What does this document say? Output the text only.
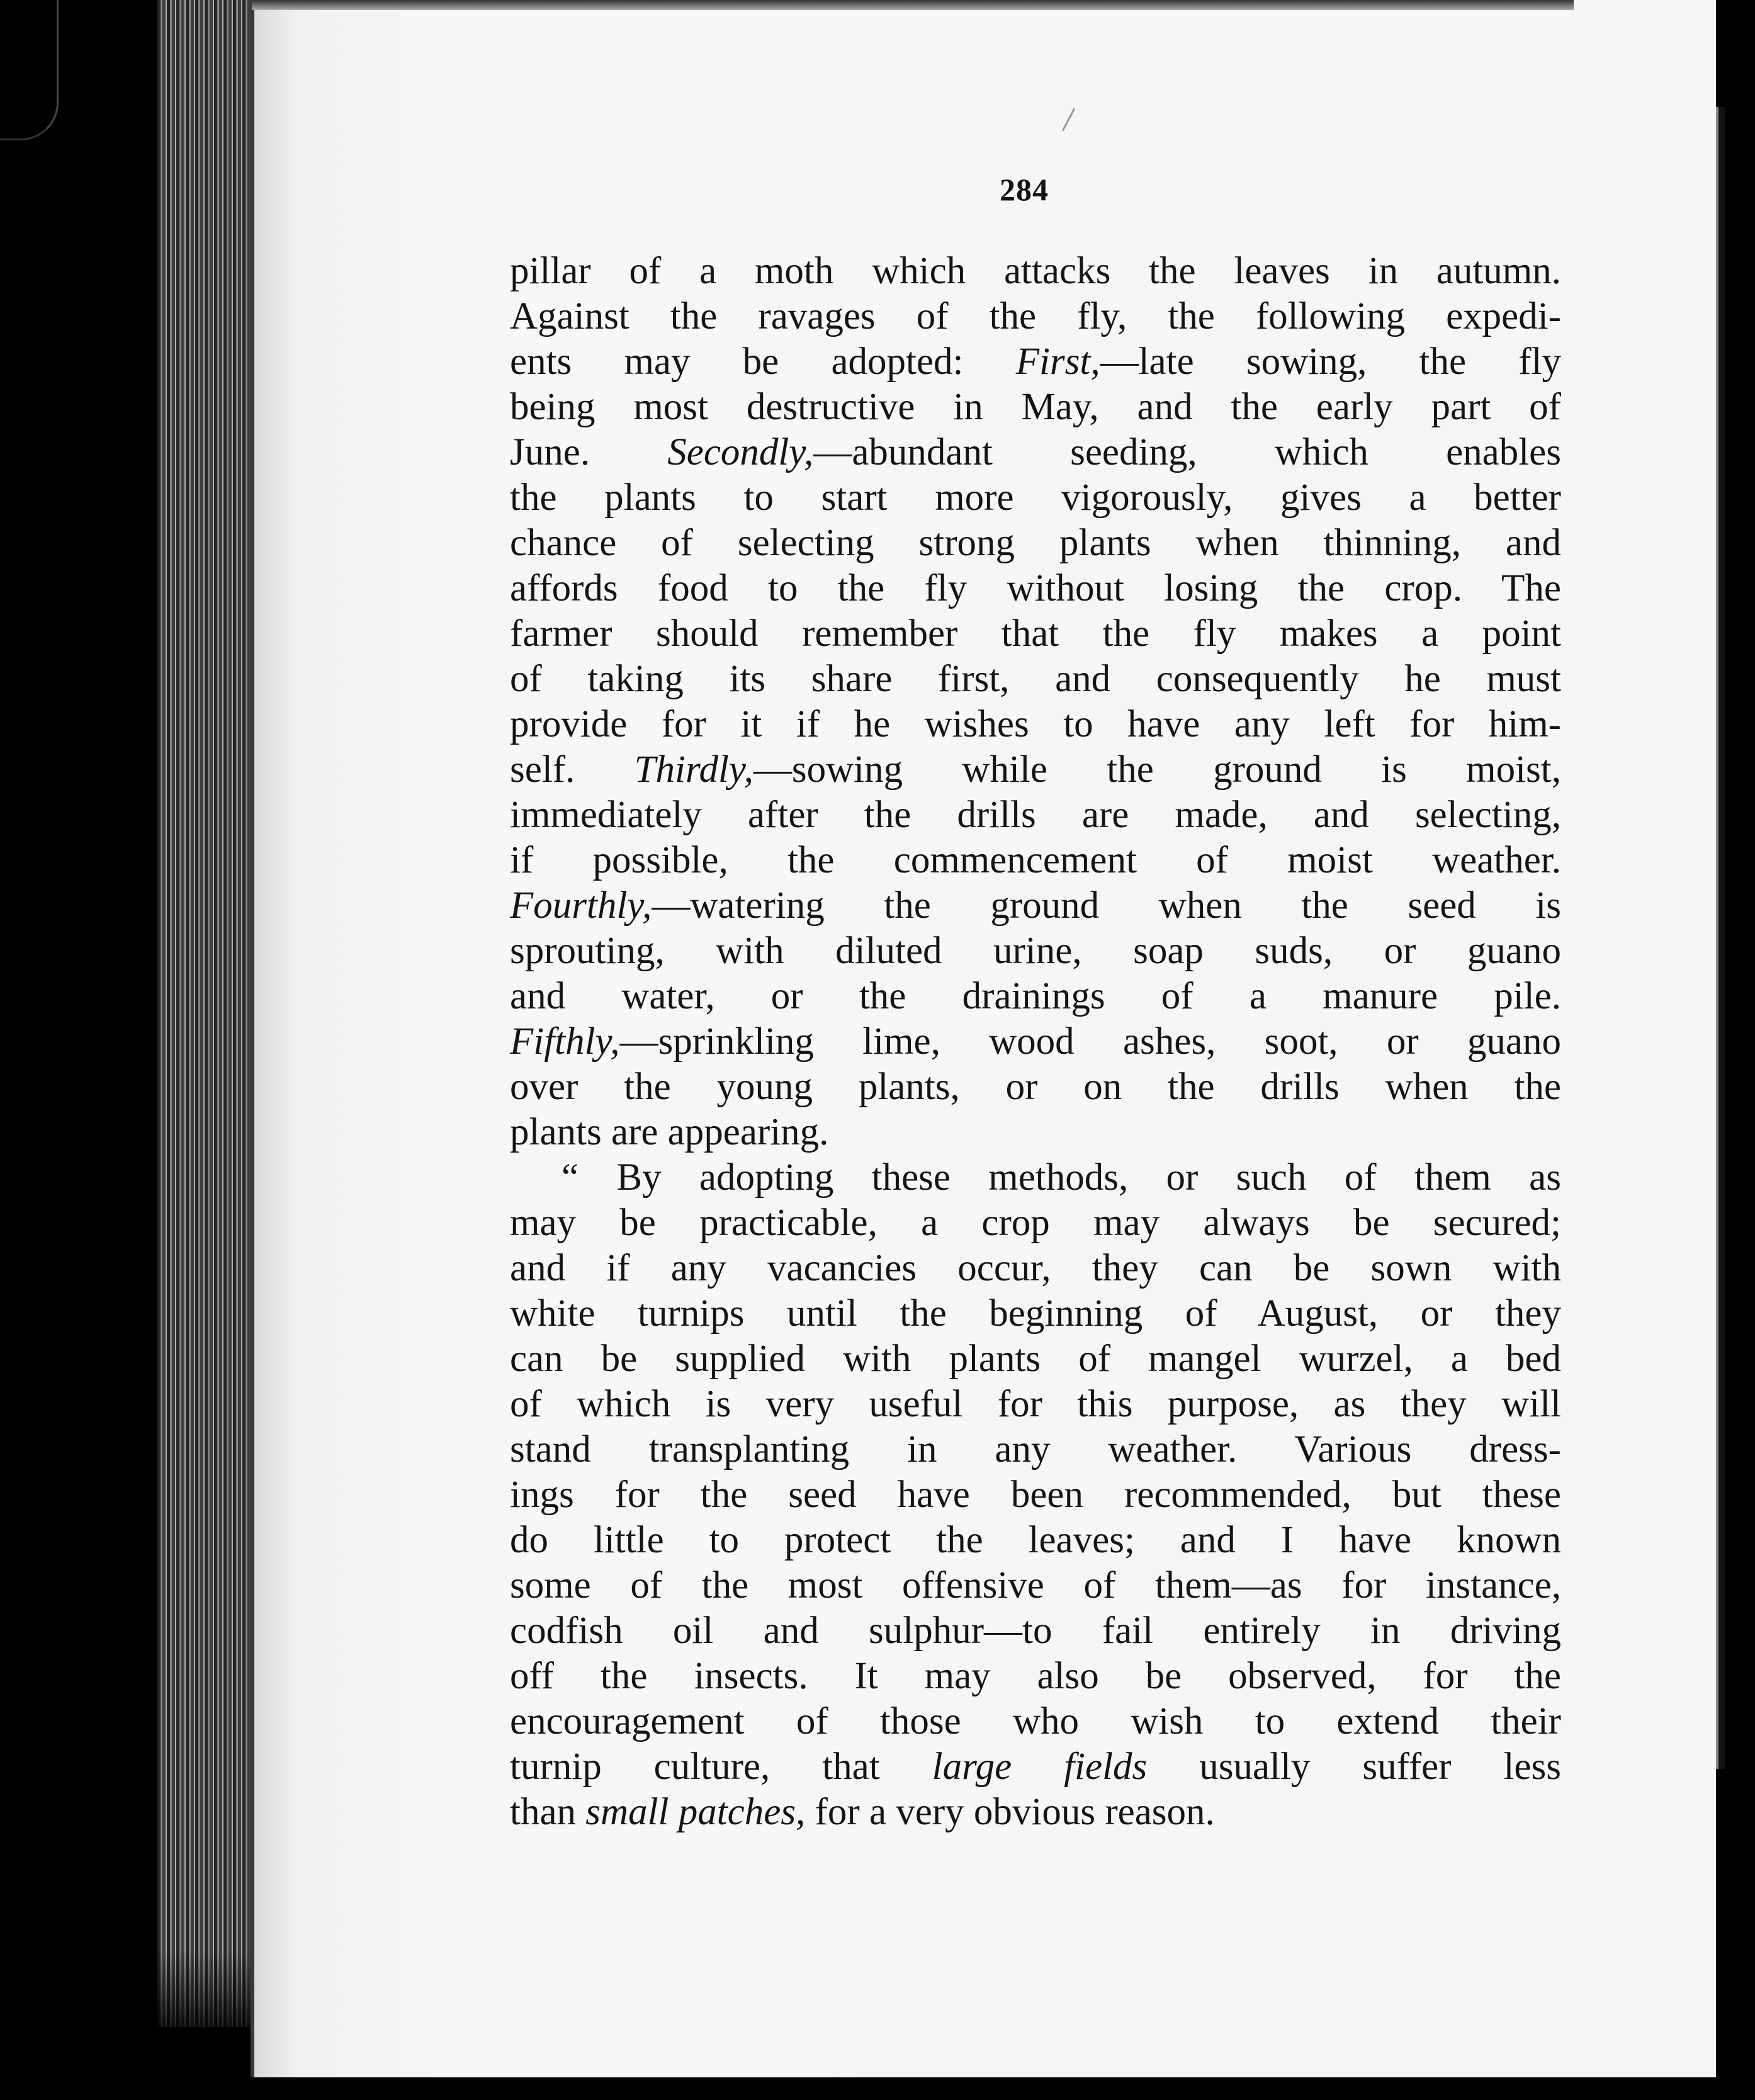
284
pillar of a moth which attacks the leaves in autumn.
Against the ravages of the fly, the following expedi-
ents may be adopted: First,—late sowing, the fly
being most destructive in May, and the early part of
June. Secondly,—abundant seeding, which enables
the plants to start more vigorously, gives a better
chance of selecting strong plants when thinning, and
affords food to the fly without losing the crop. The
farmer should remember that the fly makes a point
of taking its share first, and consequently he must
provide for it if he wishes to have any left for him-
self. Thirdly,—sowing while the ground is moist,
immediately after the drills are made, and selecting,
if possible, the commencement of moist weather.
Fourthly,—watering the ground when the seed is
sprouting, with diluted urine, soap suds, or guano
and water, or the drainings of a manure pile.
Fifthly,—sprinkling lime, wood ashes, soot, or guano
over the young plants, or on the drills when the
plants are appearing.
“ By adopting these methods, or such of them as
may be practicable, a crop may always be secured;
and if any vacancies occur, they can be sown with
white turnips until the beginning of August, or they
can be supplied with plants of mangel wurzel, a bed
of which is very useful for this purpose, as they will
stand transplanting in any weather. Various dress-
ings for the seed have been recommended, but these
do little to protect the leaves; and I have known
some of the most offensive of them—as for instance,
codfish oil and sulphur—to fail entirely in driving
off the insects. It may also be observed, for the
encouragement of those who wish to extend their
turnip culture, that large fields usually suffer less
than small patches, for a very obvious reason.
